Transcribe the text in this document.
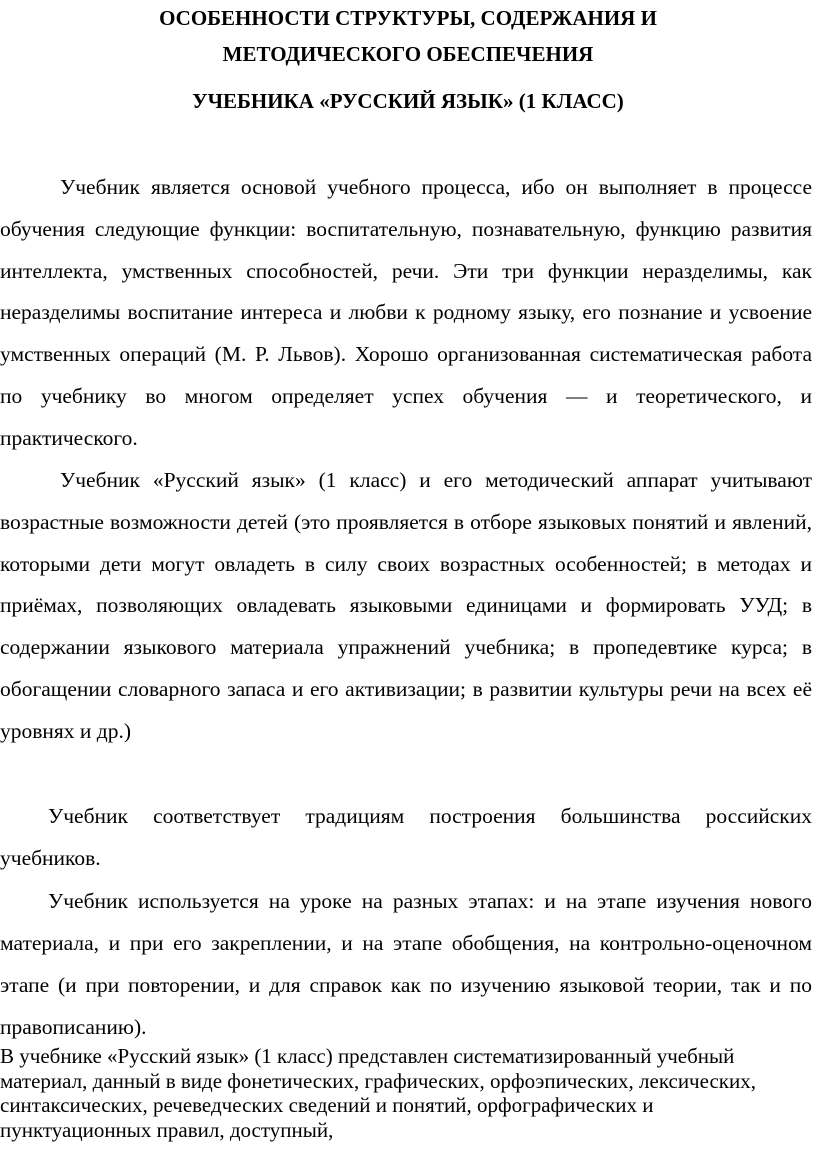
ОСОБЕННОСТИ СТРУКТУРЫ, СОДЕРЖАНИЯ И
МЕТОДИЧЕСКОГО ОБЕСПЕЧЕНИЯ
УЧЕБНИКА «РУССКИЙ ЯЗЫК» (1 КЛАСС)

Учебник является основой учебного процесса, ибо он выполняет в процессе обучения следующие функции: воспитательную, познавательную, функцию развития интеллекта, умственных способностей, речи. Эти три функции неразделимы, как неразделимы воспитание интереса и любви к родному языку, его познание и усвоение умственных операций (М. Р. Львов). Хорошо организованная систематическая работа по учебнику во многом определяет успех обучения — и теоретического, и практического.

Учебник «Русский язык» (1 класс) и его методический аппарат учитывают возрастные возможности детей (это проявляется в отборе языковых понятий и явлений, которыми дети могут овладеть в силу своих возрастных особенностей; в методах и приёмах, позволяющих овладевать языковыми единицами и формировать УУД; в содержании языкового материала упражнений учебника; в пропедевтике курса; в обогащении словарного запаса и его активизации; в развитии культуры речи на всех её уровнях и др.)

Учебник соответствует традициям построения большинства российских учебников.

Учебник используется на уроке на разных этапах: и на этапе изучения нового материала, и при его закреплении, и на этапе обобщения, на контрольно-оценочном этапе (и при повторении, и для справок как по изучению языковой теории, так и по правописанию).

В учебнике «Русский язык» (1 класс) представлен систематизированный учебный материал, данный в виде фонетических, графических, орфоэпических, лексических, синтаксических, речеведческих сведений и понятий, орфографических и пунктуационных правил, доступный,
